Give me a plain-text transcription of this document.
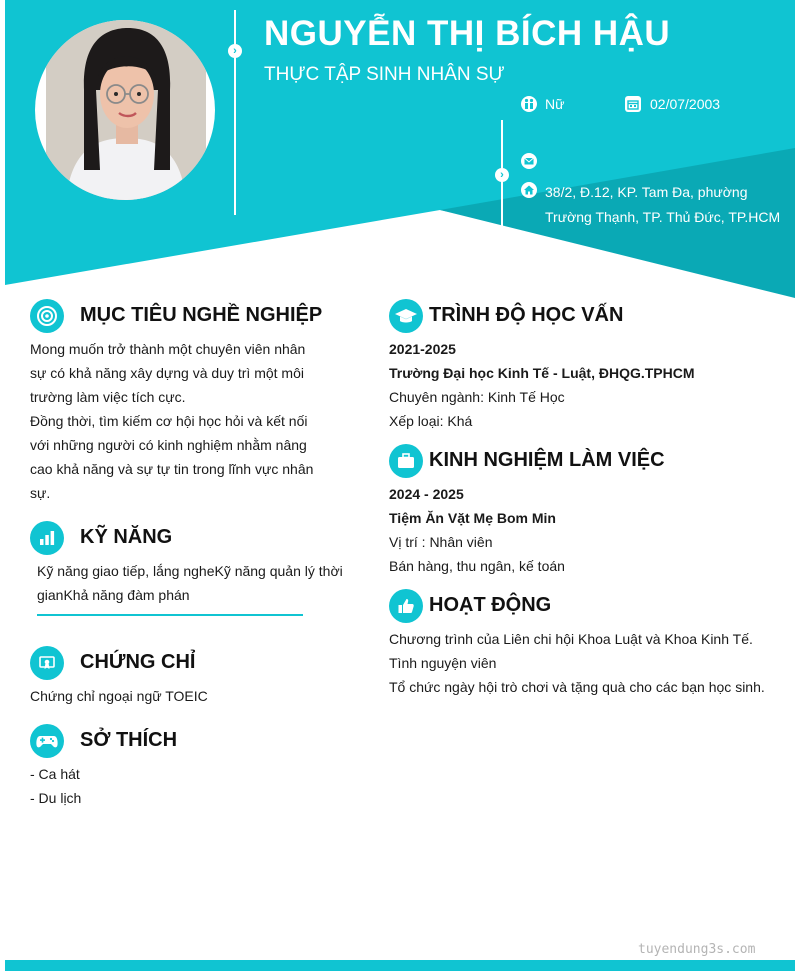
›
›
NGUYỄN THỊ BÍCH HẬU
THỰC TẬP SINH NHÂN SỰ
Nữ	02/07/2003
38/2, Đ.12, KP. Tam Đa, phường Trường Thạnh, TP. Thủ Đức, TP.HCM
MỤC TIÊU NGHỀ NGHIỆP
Mong muốn trở thành một chuyên viên nhân
sự có khả năng xây dựng và duy trì một môi
trường làm việc tích cực.
Đồng thời, tìm kiếm cơ hội học hỏi và kết nối
với những người có kinh nghiệm nhằm nâng
cao khả năng và sự tự tin trong lĩnh vực nhân
sự.
KỸ NĂNG
Kỹ năng giao tiếp, lắng ngheKỹ năng quản lý thời
gianKhả năng đàm phán
CHỨNG CHỈ
Chứng chỉ ngoại ngữ TOEIC
SỞ THÍCH
- Ca hát
- Du lịch
TRÌNH ĐỘ HỌC VẤN
2021-2025
Trường Đại học Kinh Tế - Luật, ĐHQG.TPHCM
Chuyên ngành: Kinh Tế Học
Xếp loại: Khá
KINH NGHIỆM LÀM VIỆC
2024 - 2025
Tiệm Ăn Vặt Mẹ Bom Min
Vị trí : Nhân viên
Bán hàng, thu ngân, kế toán
HOẠT ĐỘNG
Chương trình của Liên chi hội Khoa Luật và Khoa Kinh Tế.
Tình nguyện viên
Tổ chức ngày hội trò chơi và tặng quà cho các bạn học sinh.
tuyendung3s.com
